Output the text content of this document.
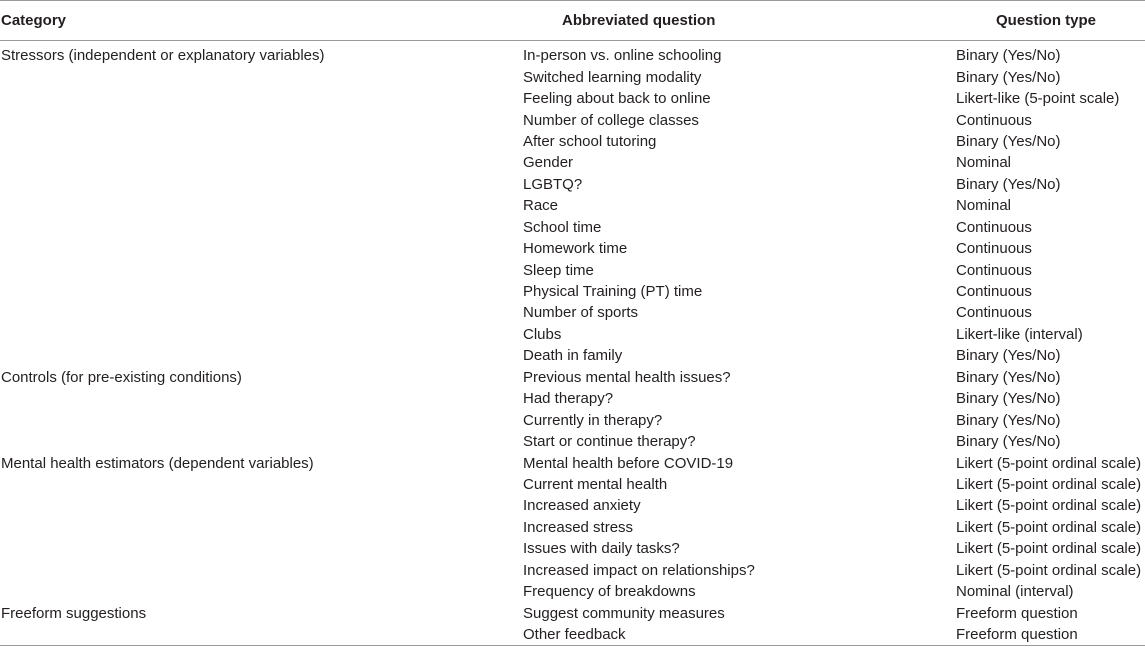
Category	Abbreviated question	Question type
Stressors (independent or explanatory variables)	In-person vs. online schooling	Binary (Yes/No)
	Switched learning modality	Binary (Yes/No)
	Feeling about back to online	Likert-like (5-point scale)
	Number of college classes	Continuous
	After school tutoring	Binary (Yes/No)
	Gender	Nominal
	LGBTQ?	Binary (Yes/No)
	Race	Nominal
	School time	Continuous
	Homework time	Continuous
	Sleep time	Continuous
	Physical Training (PT) time	Continuous
	Number of sports	Continuous
	Clubs	Likert-like (interval)
	Death in family	Binary (Yes/No)
Controls (for pre-existing conditions)	Previous mental health issues?	Binary (Yes/No)
	Had therapy?	Binary (Yes/No)
	Currently in therapy?	Binary (Yes/No)
	Start or continue therapy?	Binary (Yes/No)
Mental health estimators (dependent variables)	Mental health before COVID-19	Likert (5-point ordinal scale)
	Current mental health	Likert (5-point ordinal scale)
	Increased anxiety	Likert (5-point ordinal scale)
	Increased stress	Likert (5-point ordinal scale)
	Issues with daily tasks?	Likert (5-point ordinal scale)
	Increased impact on relationships?	Likert (5-point ordinal scale)
	Frequency of breakdowns	Nominal (interval)
Freeform suggestions	Suggest community measures	Freeform question
	Other feedback	Freeform question
